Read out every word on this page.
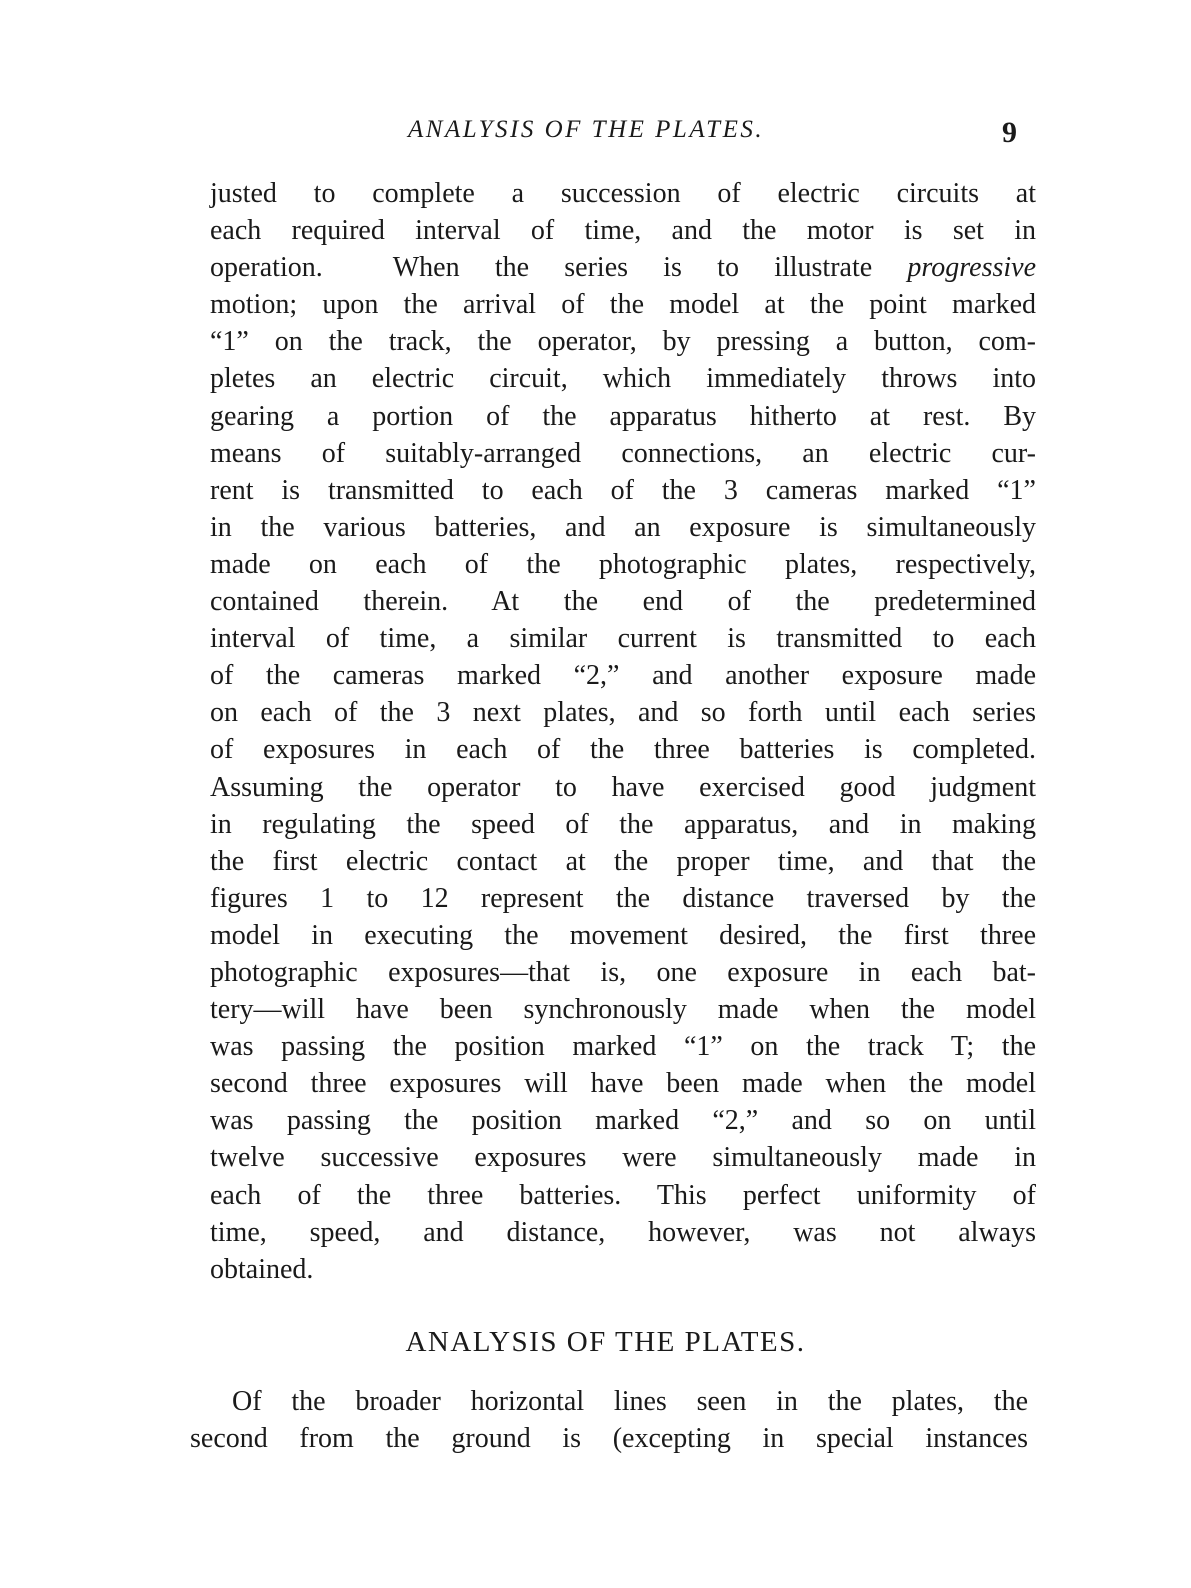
ANALYSIS OF THE PLATES.	9
justed to complete a succession of electric circuits at
each required interval of time, and the motor is set in
operation.  When the series is to illustrate progressive
motion; upon the arrival of the model at the point marked
“1” on the track, the operator, by pressing a button, com-
pletes an electric circuit, which immediately throws into
gearing a portion of the apparatus hitherto at rest. By
means of suitably-arranged connections, an electric cur-
rent is transmitted to each of the 3 cameras marked “1”
in the various batteries, and an exposure is simultaneously
made on each of the photographic plates, respectively,
contained therein. At the end of the predetermined
interval of time, a similar current is transmitted to each
of the cameras marked “2,” and another exposure made
on each of the 3 next plates, and so forth until each series
of exposures in each of the three batteries is completed.
Assuming the operator to have exercised good judgment
in regulating the speed of the apparatus, and in making
the first electric contact at the proper time, and that the
figures 1 to 12 represent the distance traversed by the
model in executing the movement desired, the first three
photographic exposures—that is, one exposure in each bat-
tery—will have been synchronously made when the model
was passing the position marked “1” on the track T; the
second three exposures will have been made when the model
was passing the position marked “2,” and so on until
twelve successive exposures were simultaneously made in
each of the three batteries. This perfect uniformity of
time, speed, and distance, however, was not always
obtained.
ANALYSIS OF THE PLATES.
Of the broader horizontal lines seen in the plates, the
second from the ground is (excepting in special instances
